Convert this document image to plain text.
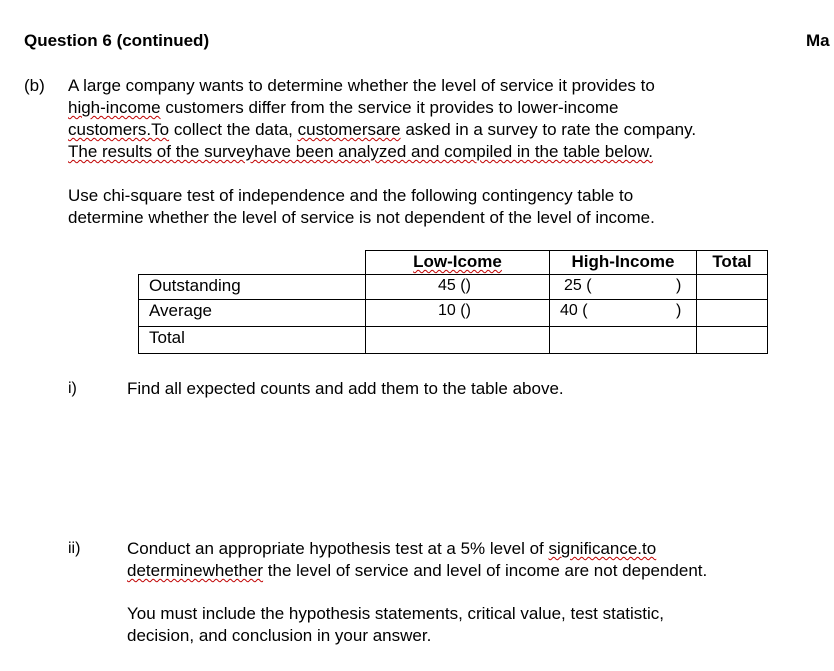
Question 6 (continued)	Ma
(b) A large company wants to determine whether the level of service it provides to
high-income customers differ from the service it provides to lower-income
customers.To collect the data, customersare asked in a survey to rate the company.
The results of the surveyhave been analyzed and compiled in the table below.
Use chi-square test of independence and the following contingency table to
determine whether the level of service is not dependent of the level of income.

	Low-Icome	High-Income	Total

Outstanding	45 ()	25 ( )	

Average	10 ()	40 ( )	

Total			
i)	Find all expected counts and add them to the table above.
ii)	Conduct an appropriate hypothesis test at a 5% level of significance.to
determinewhether the level of service and level of income are not dependent.
You must include the hypothesis statements, critical value, test statistic,
decision, and conclusion in your answer.
